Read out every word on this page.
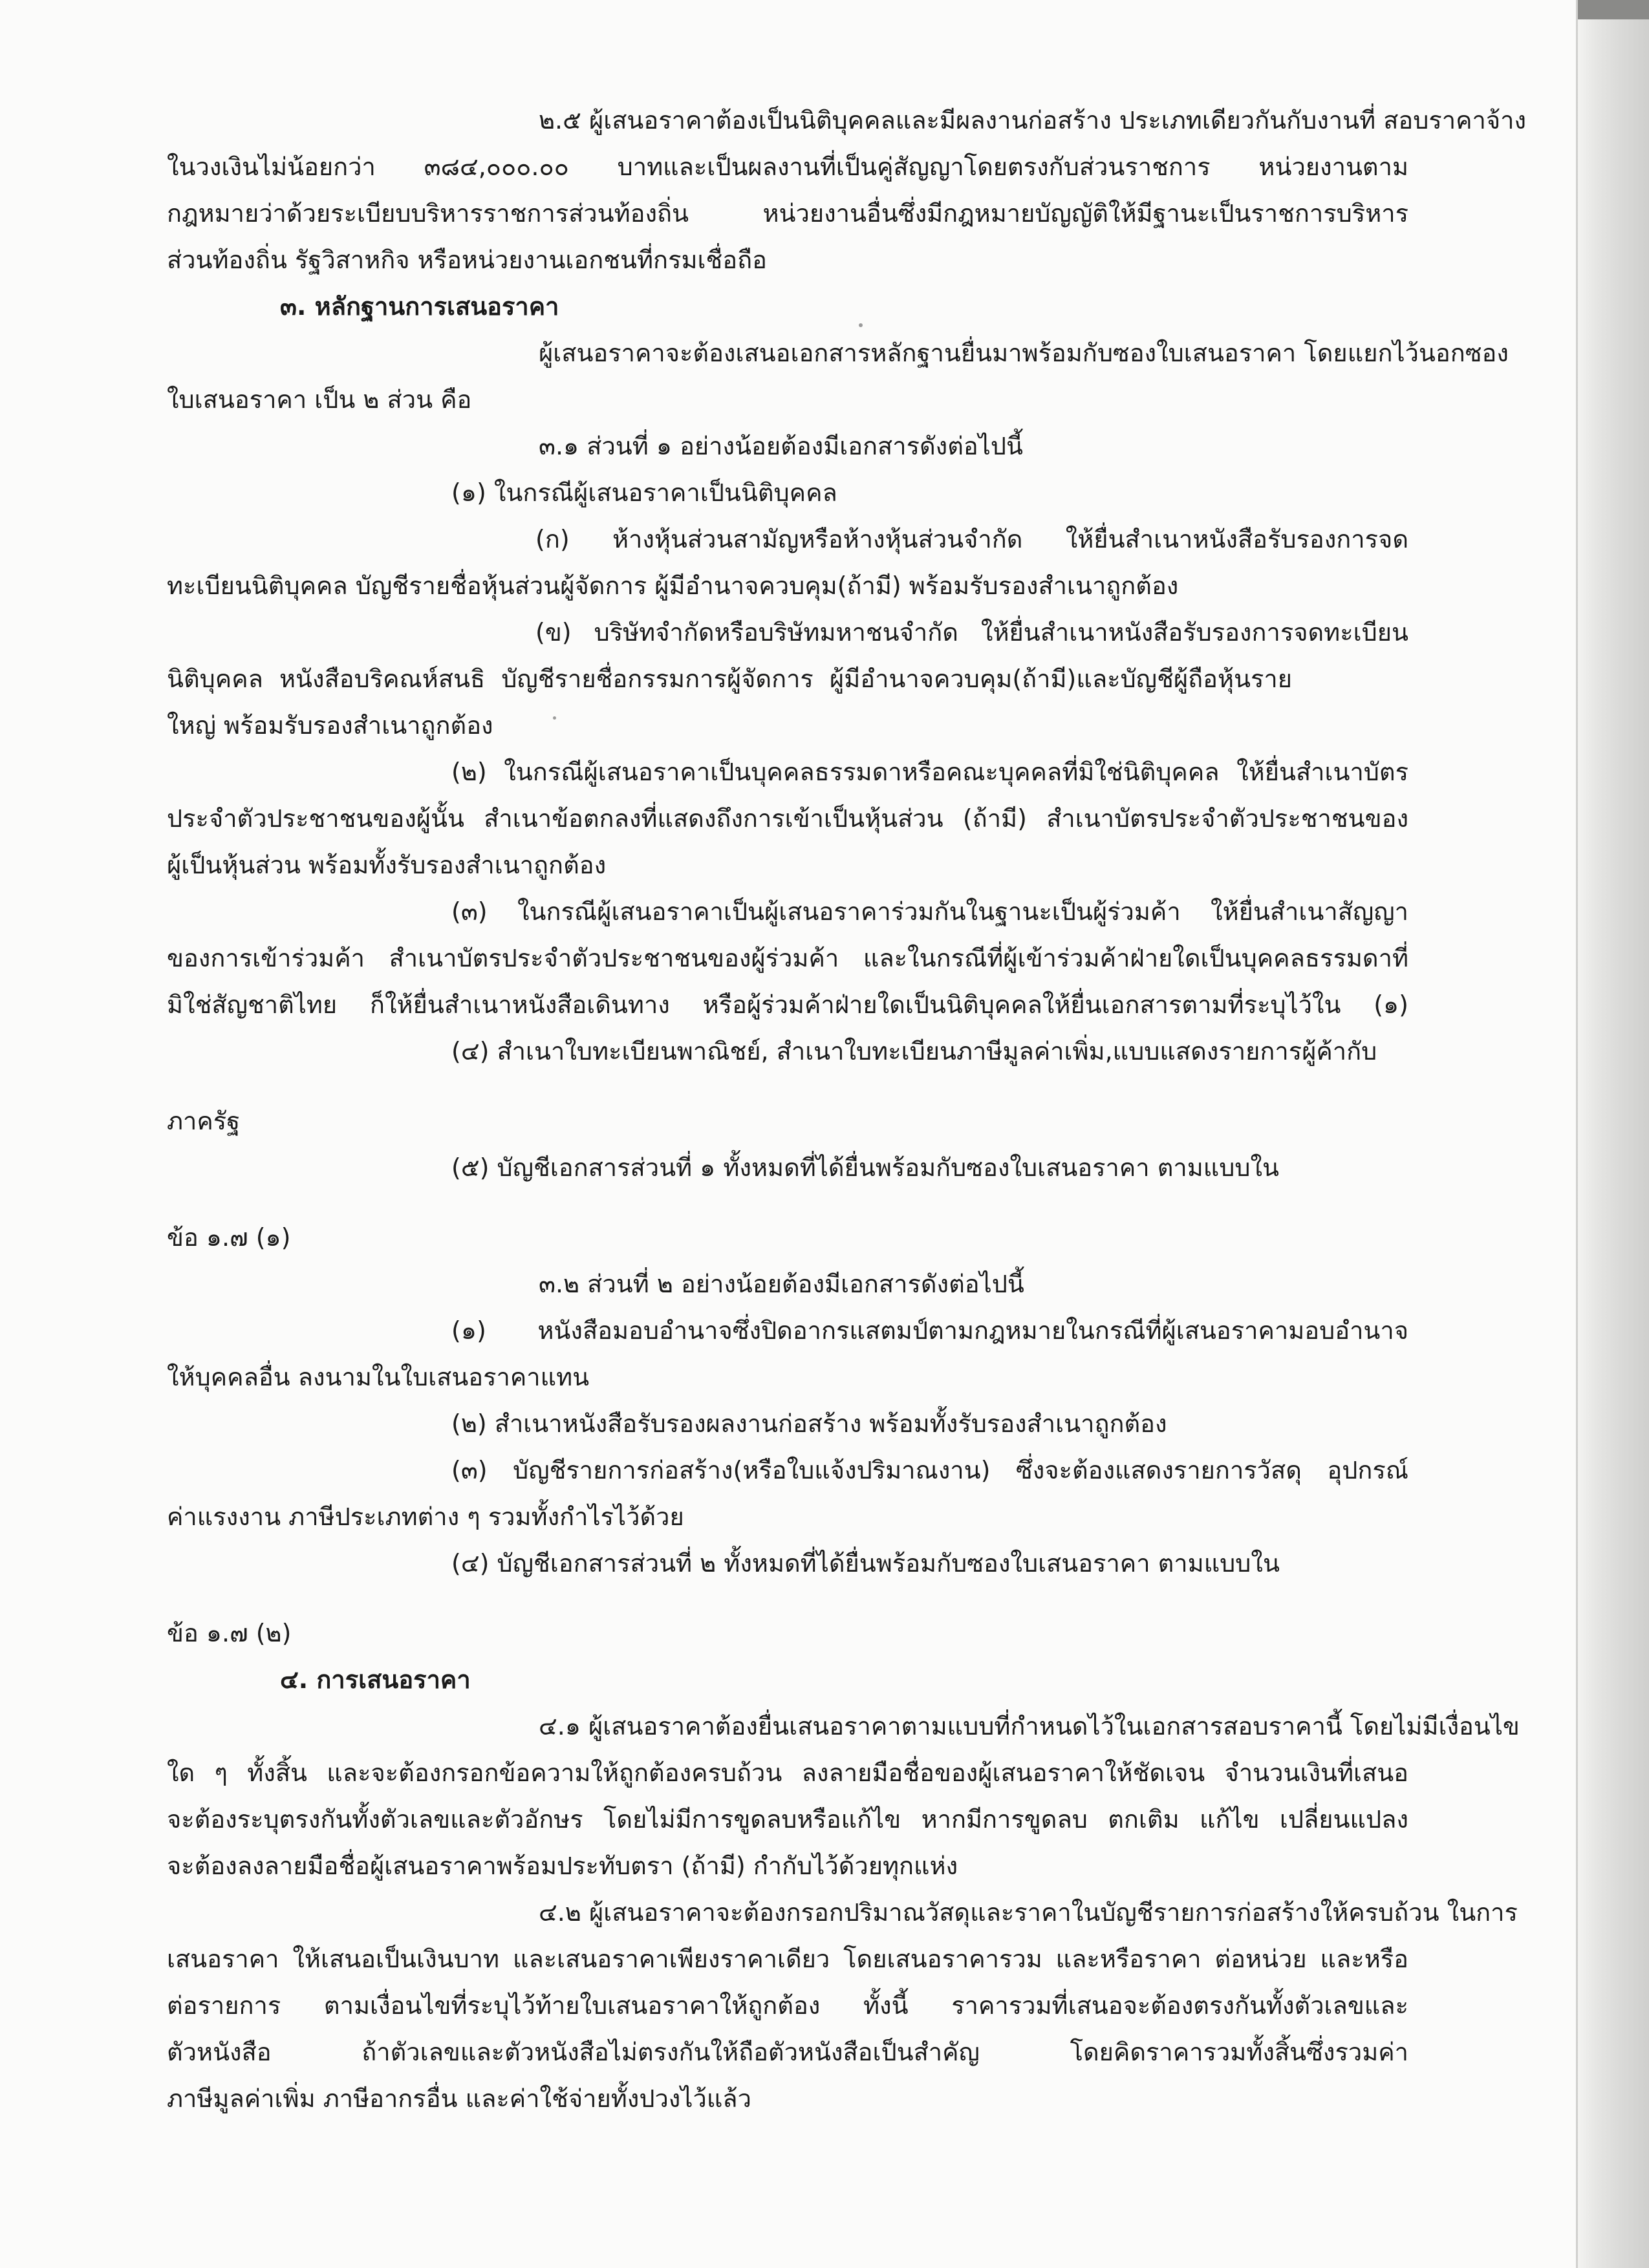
๒.๕ ผู้เสนอราคาต้องเป็นนิติบุคคลและมีผลงานก่อสร้าง ประเภทเดียวกันกับงานที่ สอบราคาจ้าง
ในวงเงินไม่น้อยกว่า ๓๘๔,๐๐๐.๐๐ บาทและเป็นผลงานที่เป็นคู่สัญญาโดยตรงกับส่วนราชการ หน่วยงานตาม
กฎหมายว่าด้วยระเบียบบริหารราชการส่วนท้องถิ่น หน่วยงานอื่นซึ่งมีกฎหมายบัญญัติให้มีฐานะเป็นราชการบริหาร
ส่วนท้องถิ่น รัฐวิสาหกิจ หรือหน่วยงานเอกชนที่กรมเชื่อถือ
๓. หลักฐานการเสนอราคา
ผู้เสนอราคาจะต้องเสนอเอกสารหลักฐานยื่นมาพร้อมกับซองใบเสนอราคา โดยแยกไว้นอกซอง
ใบเสนอราคา เป็น ๒ ส่วน คือ
๓.๑ ส่วนที่ ๑ อย่างน้อยต้องมีเอกสารดังต่อไปนี้
(๑) ในกรณีผู้เสนอราคาเป็นนิติบุคคล
(ก) ห้างหุ้นส่วนสามัญหรือห้างหุ้นส่วนจำกัด ให้ยื่นสำเนาหนังสือรับรองการจด
ทะเบียนนิติบุคคล บัญชีรายชื่อหุ้นส่วนผู้จัดการ ผู้มีอำนาจควบคุม(ถ้ามี) พร้อมรับรองสำเนาถูกต้อง
(ข) บริษัทจำกัดหรือบริษัทมหาชนจำกัด ให้ยื่นสำเนาหนังสือรับรองการจดทะเบียน
นิติบุคคล หนังสือบริคณห์สนธิ บัญชีรายชื่อกรรมการผู้จัดการ ผู้มีอำนาจควบคุม(ถ้ามี)และบัญชีผู้ถือหุ้นราย
ใหญ่ พร้อมรับรองสำเนาถูกต้อง
(๒) ในกรณีผู้เสนอราคาเป็นบุคคลธรรมดาหรือคณะบุคคลที่มิใช่นิติบุคคล ให้ยื่นสำเนาบัตร
ประจำตัวประชาชนของผู้นั้น สำเนาข้อตกลงที่แสดงถึงการเข้าเป็นหุ้นส่วน (ถ้ามี) สำเนาบัตรประจำตัวประชาชนของ
ผู้เป็นหุ้นส่วน พร้อมทั้งรับรองสำเนาถูกต้อง
(๓) ในกรณีผู้เสนอราคาเป็นผู้เสนอราคาร่วมกันในฐานะเป็นผู้ร่วมค้า ให้ยื่นสำเนาสัญญา
ของการเข้าร่วมค้า สำเนาบัตรประจำตัวประชาชนของผู้ร่วมค้า และในกรณีที่ผู้เข้าร่วมค้าฝ่ายใดเป็นบุคคลธรรมดาที่
มิใช่สัญชาติไทย ก็ให้ยื่นสำเนาหนังสือเดินทาง หรือผู้ร่วมค้าฝ่ายใดเป็นนิติบุคคลให้ยื่นเอกสารตามที่ระบุไว้ใน (๑)
(๔) สำเนาใบทะเบียนพาณิชย์, สำเนาใบทะเบียนภาษีมูลค่าเพิ่ม,แบบแสดงรายการผู้ค้ากับ
ภาครัฐ
(๕) บัญชีเอกสารส่วนที่ ๑ ทั้งหมดที่ได้ยื่นพร้อมกับซองใบเสนอราคา ตามแบบใน
ข้อ ๑.๗ (๑)
๓.๒ ส่วนที่ ๒ อย่างน้อยต้องมีเอกสารดังต่อไปนี้
(๑) หนังสือมอบอำนาจซึ่งปิดอากรแสตมป์ตามกฎหมายในกรณีที่ผู้เสนอราคามอบอำนาจ
ให้บุคคลอื่น ลงนามในใบเสนอราคาแทน
(๒) สำเนาหนังสือรับรองผลงานก่อสร้าง พร้อมทั้งรับรองสำเนาถูกต้อง
(๓) บัญชีรายการก่อสร้าง(หรือใบแจ้งปริมาณงาน) ซึ่งจะต้องแสดงรายการวัสดุ อุปกรณ์
ค่าแรงงาน ภาษีประเภทต่าง ๆ รวมทั้งกำไรไว้ด้วย
(๔) บัญชีเอกสารส่วนที่ ๒ ทั้งหมดที่ได้ยื่นพร้อมกับซองใบเสนอราคา ตามแบบใน
ข้อ ๑.๗ (๒)
๔. การเสนอราคา
๔.๑ ผู้เสนอราคาต้องยื่นเสนอราคาตามแบบที่กำหนดไว้ในเอกสารสอบราคานี้ โดยไม่มีเงื่อนไข
ใด ๆ ทั้งสิ้น และจะต้องกรอกข้อความให้ถูกต้องครบถ้วน ลงลายมือชื่อของผู้เสนอราคาให้ชัดเจน จำนวนเงินที่เสนอ
จะต้องระบุตรงกันทั้งตัวเลขและตัวอักษร โดยไม่มีการขูดลบหรือแก้ไข หากมีการขูดลบ ตกเติม แก้ไข เปลี่ยนแปลง
จะต้องลงลายมือชื่อผู้เสนอราคาพร้อมประทับตรา (ถ้ามี) กำกับไว้ด้วยทุกแห่ง
๔.๒ ผู้เสนอราคาจะต้องกรอกปริมาณวัสดุและราคาในบัญชีรายการก่อสร้างให้ครบถ้วน ในการ
เสนอราคา ให้เสนอเป็นเงินบาท และเสนอราคาเพียงราคาเดียว โดยเสนอราคารวม และหรือราคา ต่อหน่วย และหรือ
ต่อรายการ ตามเงื่อนไขที่ระบุไว้ท้ายใบเสนอราคาให้ถูกต้อง ทั้งนี้ ราคารวมที่เสนอจะต้องตรงกันทั้งตัวเลขและ
ตัวหนังสือ ถ้าตัวเลขและตัวหนังสือไม่ตรงกันให้ถือตัวหนังสือเป็นสำคัญ โดยคิดราคารวมทั้งสิ้นซึ่งรวมค่า
ภาษีมูลค่าเพิ่ม ภาษีอากรอื่น และค่าใช้จ่ายทั้งปวงไว้แล้ว
